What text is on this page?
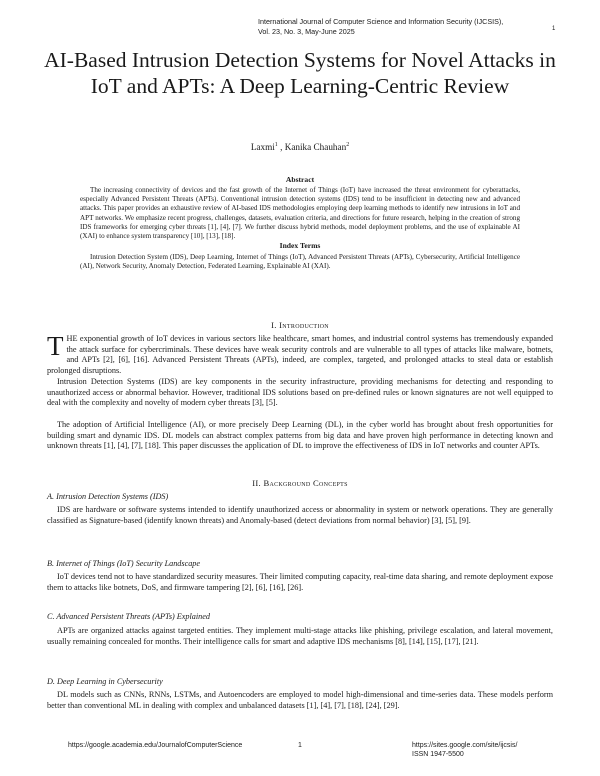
International Journal of Computer Science and Information Security (IJCSIS),
Vol. 23, No. 3, May-June 2025	1
AI-Based Intrusion Detection Systems for Novel Attacks in IoT and APTs: A Deep Learning-Centric Review
Laxmi$^1$ , Kanika Chauhan$^2$
Abstract
The increasing connectivity of devices and the fast growth of the Internet of Things (IoT) have increased the threat environment for cyberattacks, especially Advanced Persistent Threats (APTs). Conventional intrusion detection systems (IDS) tend to be insufficient in detecting new and advanced attacks. This paper provides an exhaustive review of AI-based IDS methodologies employing deep learning methods to identify new intrusions in IoT and APT networks. We emphasize recent progress, challenges, datasets, evaluation criteria, and directions for future research, helping in the creation of strong IDS frameworks for emerging cyber threats [1], [4], [7]. We further discuss hybrid methods, model deployment problems, and the use of explainable AI (XAI) to enhance system transparency [10], [13], [18].
Index Terms
Intrusion Detection System (IDS), Deep Learning, Internet of Things (IoT), Advanced Persistent Threats (APTs), Cybersecurity, Artificial Intelligence (AI), Network Security, Anomaly Detection, Federated Learning, Explainable AI (XAI).
I. Introduction
THE exponential growth of IoT devices in various sectors like healthcare, smart homes, and industrial control systems has tremendously expanded the attack surface for cybercriminals. These devices have weak security controls and are vulnerable to all types of attacks like malware, botnets, and APTs [2], [6], [16]. Advanced Persistent Threats (APTs), indeed, are complex, targeted, and prolonged attacks to steal data or establish prolonged disruptions.
Intrusion Detection Systems (IDS) are key components in the security infrastructure, providing mechanisms for detecting and responding to unauthorized access or abnormal behavior. However, traditional IDS solutions based on pre-defined rules or known signatures are not well equipped to deal with the complexity and novelty of modern cyber threats [3], [5].
The adoption of Artificial Intelligence (AI), or more precisely Deep Learning (DL), in the cyber world has brought about fresh opportunities for building smart and dynamic IDS. DL models can abstract complex patterns from big data and have proven high performance in detecting known and unknown threats [1], [4], [7], [18]. This paper discusses the application of DL to improve the effectiveness of IDS in IoT networks and counter APTs.
II. Background Concepts
A. Intrusion Detection Systems (IDS)
IDS are hardware or software systems intended to identify unauthorized access or abnormality in system or network operations. They are generally classified as Signature-based (identify known threats) and Anomaly-based (detect deviations from normal behavior) [3], [5], [9].
B. Internet of Things (IoT) Security Landscape
IoT devices tend not to have standardized security measures. Their limited computing capacity, real-time data sharing, and remote deployment expose them to attacks like botnets, DoS, and firmware tampering [2], [6], [16], [26].
C. Advanced Persistent Threats (APTs) Explained
APTs are organized attacks against targeted entities. They implement multi-stage attacks like phishing, privilege escalation, and lateral movement, usually remaining concealed for months. Their intelligence calls for smart and adaptive IDS mechanisms [8], [14], [15], [17], [21].
D. Deep Learning in Cybersecurity
DL models such as CNNs, RNNs, LSTMs, and Autoencoders are employed to model high-dimensional and time-series data. These models perform better than conventional ML in dealing with complex and unbalanced datasets [1], [4], [7], [18], [24], [29].
https://google.academia.edu/JournalofComputerScience	1	https://sites.google.com/site/ijcsis/
ISSN 1947-5500
